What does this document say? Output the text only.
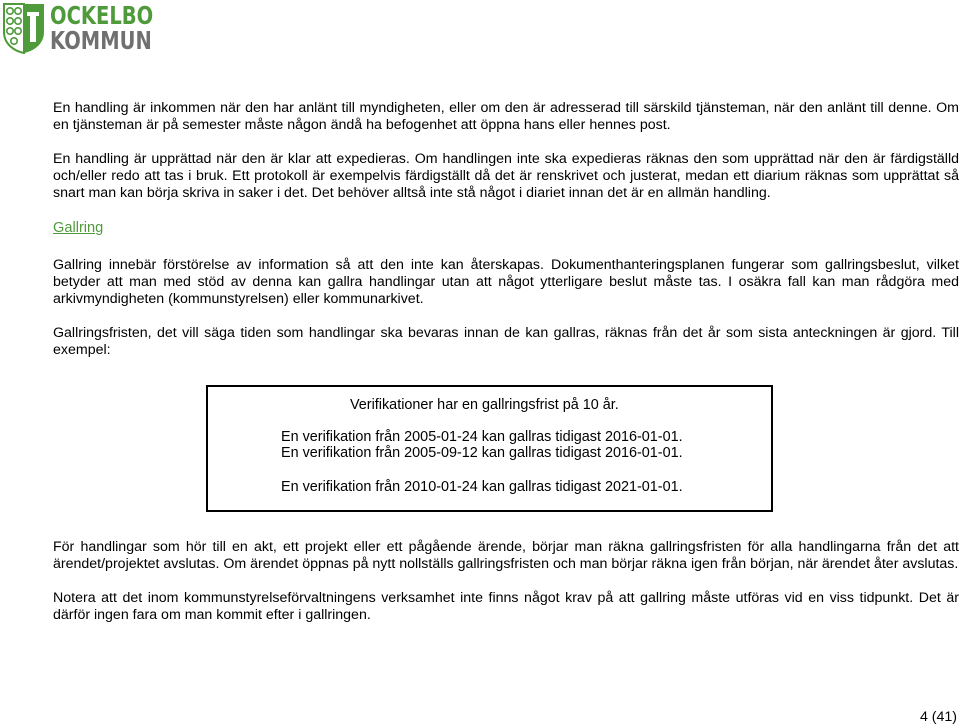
OCKELBO
KOMMUN

En handling är inkommen när den har anlänt till myndigheten, eller om den är adresserad till särskild tjänsteman, när den anlänt till denne. Om en tjänsteman är på semester måste någon ändå ha befogenhet att öppna hans eller hennes post.

En handling är upprättad när den är klar att expedieras. Om handlingen inte ska expedieras räknas den som upprättad när den är färdigställd och/eller redo att tas i bruk. Ett protokoll är exempelvis färdigställt då det är renskrivet och justerat, medan ett diarium räknas som upprättat så snart man kan börja skriva in saker i det. Det behöver alltså inte stå något i diariet innan det är en allmän handling.

Gallring

Gallring innebär förstörelse av information så att den inte kan återskapas. Dokumenthanteringsplanen fungerar som gallringsbeslut, vilket betyder att man med stöd av denna kan gallra handlingar utan att något ytterligare beslut måste tas. I osäkra fall kan man rådgöra med arkivmyndigheten (kommunstyrelsen) eller kommunarkivet.

Gallringsfristen, det vill säga tiden som handlingar ska bevaras innan de kan gallras, räknas från det år som sista anteckningen är gjord. Till exempel:

Verifikationer har en gallringsfrist på 10 år.
En verifikation från 2005-01-24 kan gallras tidigast 2016-01-01.
En verifikation från 2005-09-12 kan gallras tidigast 2016-01-01.
En verifikation från 2010-01-24 kan gallras tidigast 2021-01-01.

För handlingar som hör till en akt, ett projekt eller ett pågående ärende, börjar man räkna gallringsfristen för alla handlingarna från det att ärendet/projektet avslutas. Om ärendet öppnas på nytt nollställs gallringsfristen och man börjar räkna igen från början, när ärendet åter avslutas.

Notera att det inom kommunstyrelseförvaltningens verksamhet inte finns något krav på att gallring måste utföras vid en viss tidpunkt. Det är därför ingen fara om man kommit efter i gallringen.

4 (41)
